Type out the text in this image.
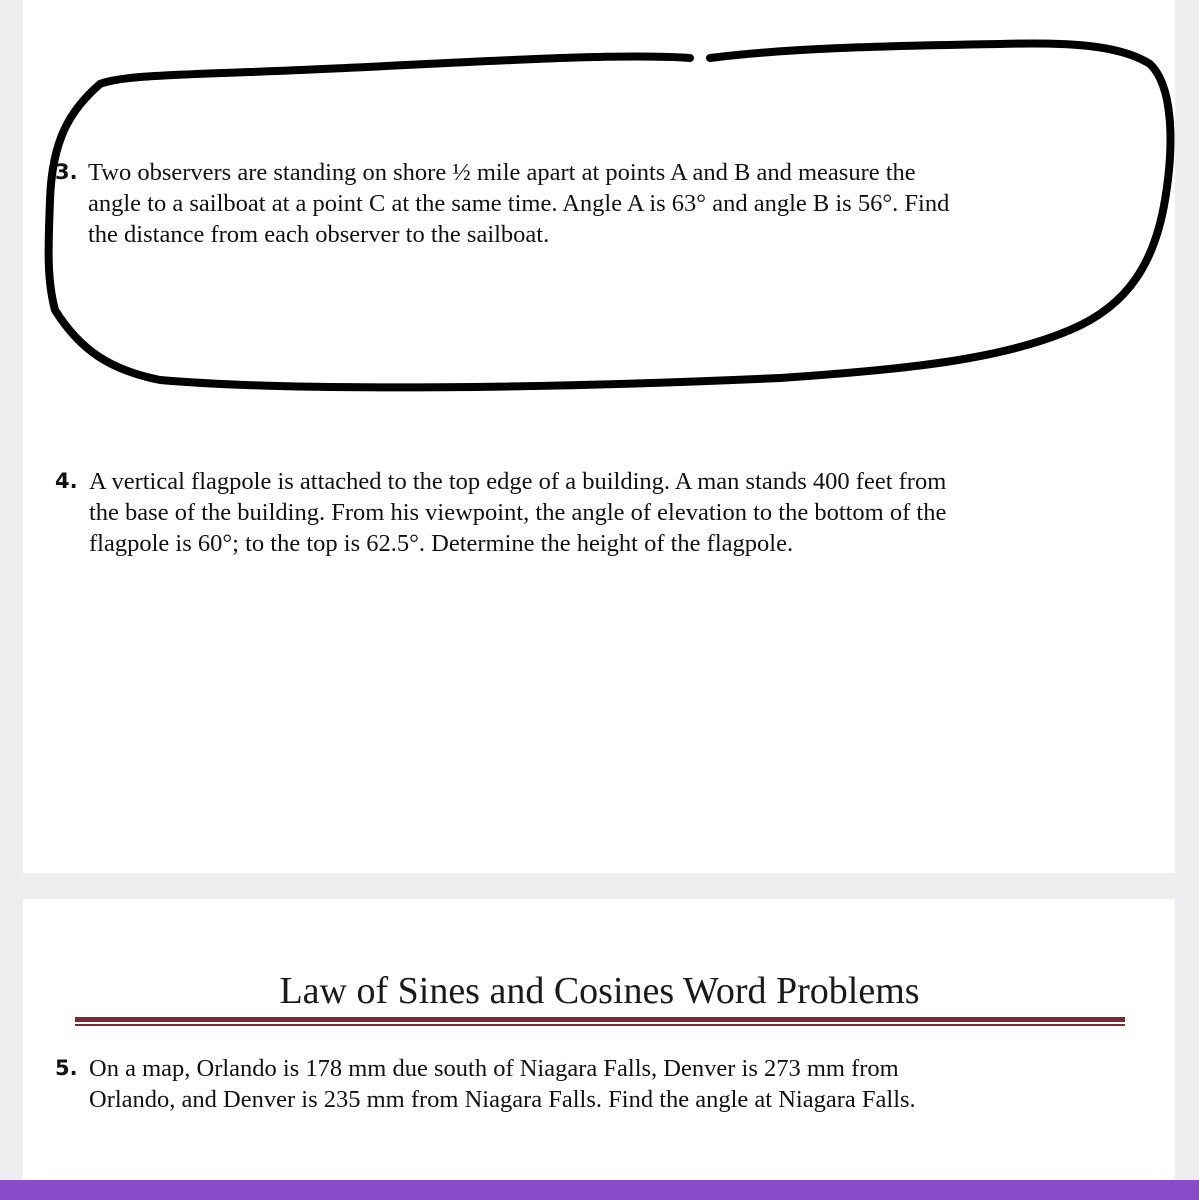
3. Two observers are standing on shore ½ mile apart at points A and B and measure the
angle to a sailboat at a point C at the same time. Angle A is 63° and angle B is 56°. Find
the distance from each observer to the sailboat.
4. A vertical flagpole is attached to the top edge of a building. A man stands 400 feet from
the base of the building. From his viewpoint, the angle of elevation to the bottom of the
flagpole is 60°; to the top is 62.5°. Determine the height of the flagpole.
Law of Sines and Cosines Word Problems
5. On a map, Orlando is 178 mm due south of Niagara Falls, Denver is 273 mm from
Orlando, and Denver is 235 mm from Niagara Falls. Find the angle at Niagara Falls.
